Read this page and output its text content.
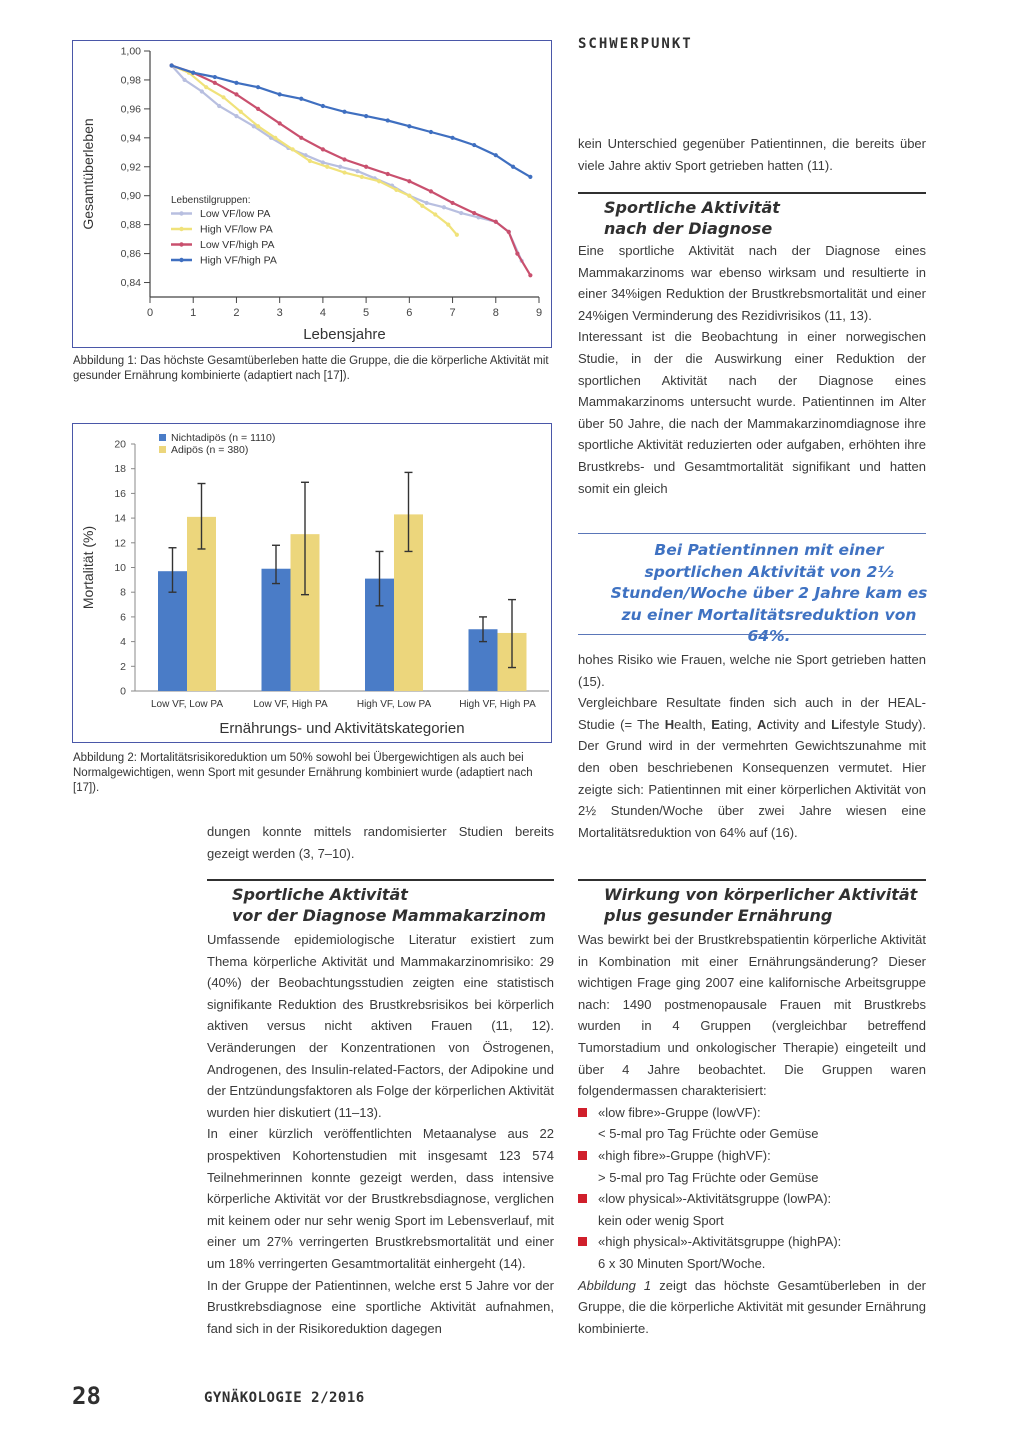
SCHWERPUNKT
0,84
0,86
0,88
0,90
0,92
0,94
0,96
0,98
1,00
0	1	2	3	4	5	6	7	8	9
Lebensjahre
Gesamtüberleben	Lebenstilgruppen:
Low VF/low PA
High VF/low PA
Low VF/high PA
High VF/high PA
Abbildung 1: Das höchste Gesamtüberleben hatte die Gruppe, die die körperliche Aktivität mit gesunder Ernährung kombinierte (adaptiert nach [17]).
0
2
4
6
8
10
12
14
16
18
20
Low VF, Low PA	Low VF, High PA	High VF, Low PA	High VF, High PA
Ernährungs- und Aktivitätskategorien
Mortalität (%)
Nichtadipös (n = 1110)
Adipös (n = 380)
Abbildung 2: Mortalitätsrisikoreduktion um 50% sowohl bei Übergewichtigen als auch bei Normalgewichtigen, wenn Sport mit gesunder Ernährung kombiniert wurde (adaptiert nach [17]).
dungen konnte mittels randomisierter Studien bereits gezeigt werden (3, 7–10).
Sportliche Aktivität
vor der Diagnose Mammakarzinom

Umfassende epidemiologische Literatur existiert zum Thema körperliche Aktivität und Mammakarzinomrisiko: 29 (40%) der Beobachtungsstudien zeigten eine statistisch signifikante Reduktion des Brustkrebsrisikos bei körperlich aktiven versus nicht aktiven Frauen (11, 12). Veränderungen der Konzentrationen von Östrogenen, Androgenen, des Insulin-related-Factors, der Adipokine und der Entzündungsfaktoren als Folge der körperlichen Aktivität wurden hier diskutiert (11–13).

In einer kürzlich veröffentlichten Metaanalyse aus 22 prospektiven Kohortenstudien mit insgesamt 123 574 Teilnehmerinnen konnte gezeigt werden, dass intensive körperliche Aktivität vor der Brustkrebsdiagnose, verglichen mit keinem oder nur sehr wenig Sport im Lebensverlauf, mit einer um 27% verringerten Brustkrebsmortalität und einer um 18% verringerten Gesamtmortalität einhergeht (14).

In der Gruppe der Patientinnen, welche erst 5 Jahre vor der Brustkrebsdiagnose eine sportliche Aktivität aufnahmen, fand sich in der Risikoreduktion dagegen

kein Unterschied gegenüber Patientinnen, die bereits über viele Jahre aktiv Sport getrieben hatten (11).
Sportliche Aktivität
nach der Diagnose

Eine sportliche Aktivität nach der Diagnose eines Mammakarzinoms war ebenso wirksam und resultierte in einer 34%igen Reduktion der Brustkrebsmortalität und einer 24%igen Verminderung des Rezidivrisikos (11, 13).

Interessant ist die Beobachtung in einer norwegischen Studie, in der die Auswirkung einer Reduktion der sportlichen Aktivität nach der Diagnose eines Mammakarzinoms untersucht wurde. Patientinnen im Alter über 50 Jahre, die nach der Mammakarzinomdiagnose ihre sportliche Aktivität reduzierten oder aufgaben, erhöhten ihre Brustkrebs- und Gesamtmortalität signifikant und hatten somit ein gleich

Bei Patientinnen mit einer sportlichen Aktivität von 2½ Stunden/Woche über 2 Jahre kam es zu einer Mortalitätsreduktion von 64%.

hohes Risiko wie Frauen, welche nie Sport getrieben hatten (15).

Vergleichbare Resultate finden sich auch in der HEAL-Studie (= The Health, Eating, Activity and Lifestyle Study). Der Grund wird in der vermehrten Gewichtszunahme mit den oben beschriebenen Konsequenzen vermutet. Hier zeigte sich: Patientinnen mit einer körperlichen Aktivität von 2½ Stunden/Woche über zwei Jahre wiesen eine Mortalitätsreduktion von 64% auf (16).

Wirkung von körperlicher Aktivität
plus gesunder Ernährung

Was bewirkt bei der Brustkrebspatientin körperliche Aktivität in Kombination mit einer Ernährungsänderung? Dieser wichtigen Frage ging 2007 eine kalifornische Arbeitsgruppe nach: 1490 postmenopausale Frauen mit Brustkrebs wurden in 4 Gruppen (vergleichbar betreffend Tumorstadium und onkologischer Therapie) eingeteilt und über 4 Jahre beobachtet. Die Gruppen waren folgendermassen charakterisiert:

«low fibre»-Gruppe (lowVF):
< 5-mal pro Tag Früchte oder Gemüse
«high fibre»-Gruppe (highVF):
> 5-mal pro Tag Früchte oder Gemüse
«low physical»-Aktivitätsgruppe (lowPA):
kein oder wenig Sport
«high physical»-Aktivitätsgruppe (highPA):
6 x 30 Minuten Sport/Woche.

Abbildung 1 zeigt das höchste Gesamtüberleben in der Gruppe, die die körperliche Aktivität mit gesunder Ernährung kombinierte.

28	GYNÄKOLOGIE 2/2016
